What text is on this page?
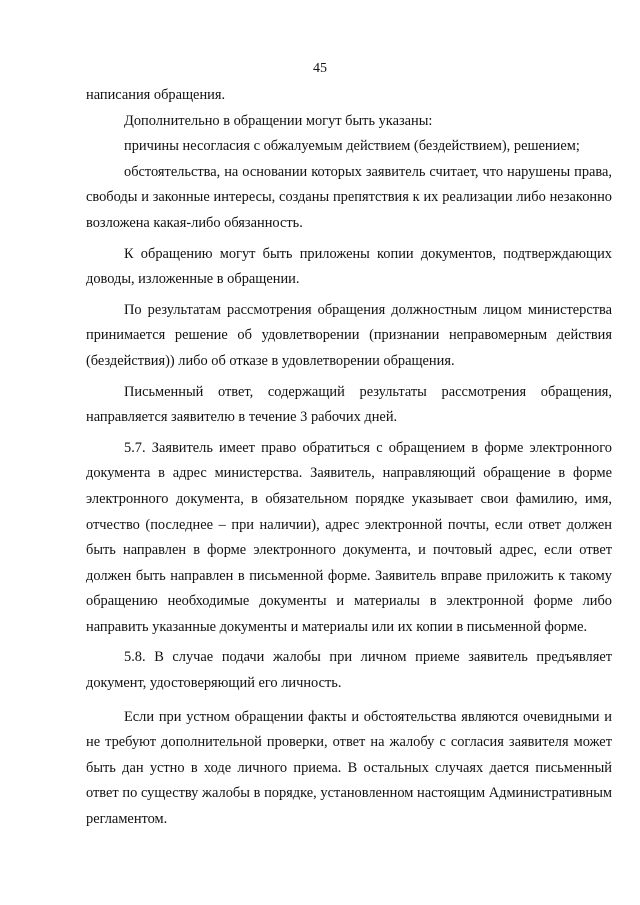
45

написания обращения.

Дополнительно в обращении могут быть указаны:

причины несогласия с обжалуемым действием (бездействием), решением;

обстоятельства, на основании которых заявитель считает, что нарушены права, свободы и законные интересы, созданы препятствия к их реализации либо незаконно возложена какая-либо обязанность.

К обращению могут быть приложены копии документов, подтверждающих доводы, изложенные в обращении.

По результатам рассмотрения обращения должностным лицом министерства принимается решение об удовлетворении (признании неправомерным действия (бездействия)) либо об отказе в удовлетворении обращения.

Письменный ответ, содержащий результаты рассмотрения обращения, направляется заявителю в течение 3 рабочих дней.

5.7. Заявитель имеет право обратиться с обращением в форме электронного документа в адрес министерства. Заявитель, направляющий обращение в форме электронного документа, в обязательном порядке указывает свои фамилию, имя, отчество (последнее – при наличии), адрес электронной почты, если ответ должен быть направлен в форме электронного документа, и почтовый адрес, если ответ должен быть направлен в письменной форме. Заявитель вправе приложить к такому обращению необходимые документы и материалы в электронной форме либо направить указанные документы и материалы или их копии в письменной форме.

5.8. В случае подачи жалобы при личном приеме заявитель предъявляет документ, удостоверяющий его личность.

Если при устном обращении факты и обстоятельства являются очевидными и не требуют дополнительной проверки, ответ на жалобу с согласия заявителя может быть дан устно в ходе личного приема. В остальных случаях дается письменный ответ по существу жалобы в порядке, установленном настоящим Административным регламентом.
